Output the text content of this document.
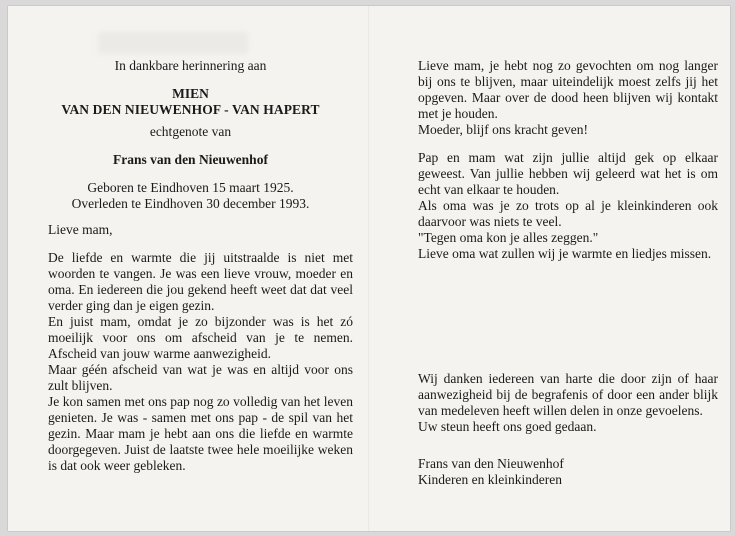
In dankbare herinnering aan

MIEN

VAN DEN NIEUWENHOF - VAN HAPERT

echtgenote van

Frans van den Nieuwenhof

Geboren te Eindhoven 15 maart 1925.

Overleden te Eindhoven 30 december 1993.

Lieve mam,

De liefde en warmte die jij uitstraalde is niet met woorden te vangen. Je was een lieve vrouw, moeder en oma. En iedereen die jou gekend heeft weet dat dat veel verder ging dan je eigen gezin.

En juist mam, omdat je zo bijzonder was is het zó moeilijk voor ons om afscheid van je te nemen. Afscheid van jouw warme aanwezigheid.

Maar géén afscheid van wat je was en altijd voor ons zult blijven.

Je kon samen met ons pap nog zo volledig van het leven genieten. Je was - samen met ons pap - de spil van het gezin. Maar mam je hebt aan ons die liefde en warmte doorgegeven. Juist de laatste twee hele moeilijke weken is dat ook weer gebleken.

Lieve mam, je hebt nog zo gevochten om nog langer bij ons te blijven, maar uiteindelijk moest zelfs jij het opgeven. Maar over de dood heen blijven wij kontakt met je houden.

Moeder, blijf ons kracht geven!

Pap en mam wat zijn jullie altijd gek op elkaar geweest. Van jullie hebben wij geleerd wat het is om echt van elkaar te houden.

Als oma was je zo trots op al je kleinkinderen ook daarvoor was niets te veel.

"Tegen oma kon je alles zeggen."

Lieve oma wat zullen wij je warmte en liedjes missen.

Wij danken iedereen van harte die door zijn of haar aanwezigheid bij de begrafenis of door een ander blijk van medeleven heeft willen delen in onze gevoelens.

Uw steun heeft ons goed gedaan.

Frans van den Nieuwenhof

Kinderen en kleinkinderen
